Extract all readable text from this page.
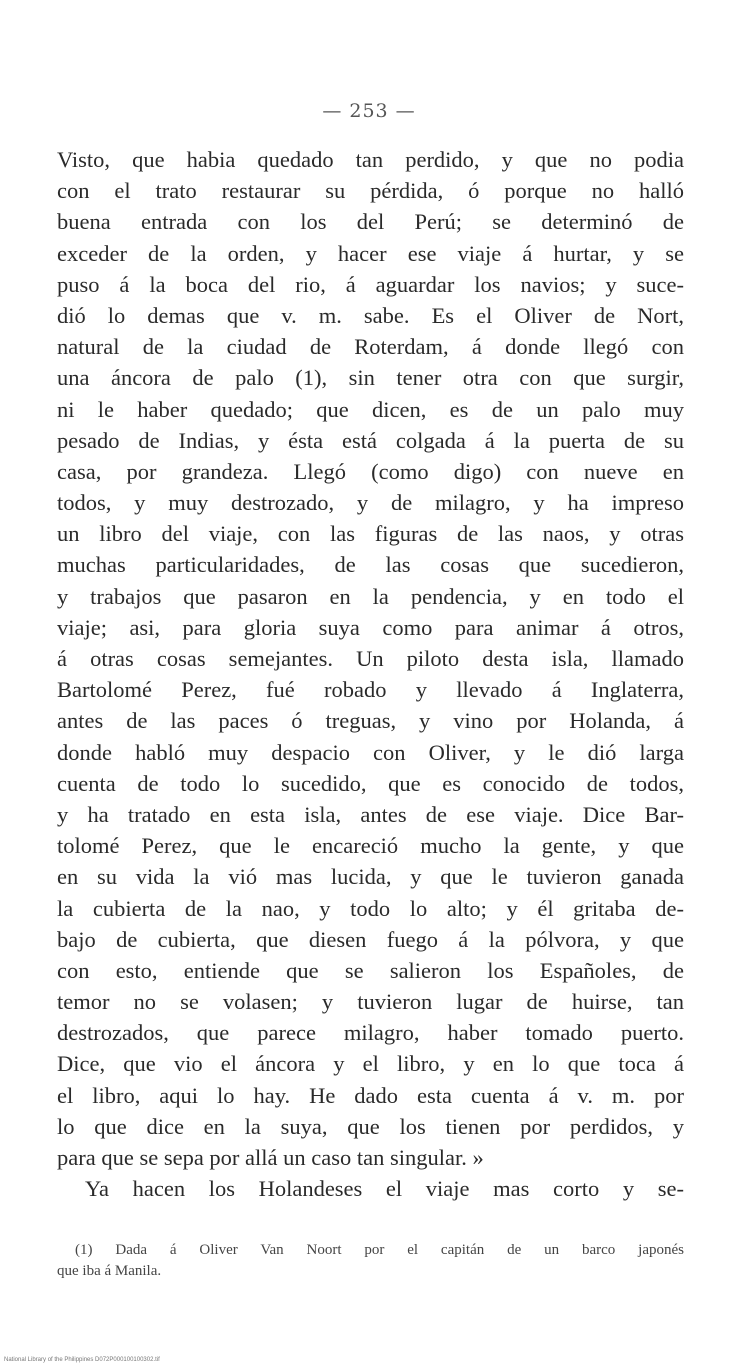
— 253 —
Visto, que habia quedado tan perdido, y que no podia
con el trato restaurar su pérdida, ó porque no halló
buena entrada con los del Perú; se determinó de
exceder de la orden, y hacer ese viaje á hurtar, y se
puso á la boca del rio, á aguardar los navios; y suce-
dió lo demas que v. m. sabe. Es el Oliver de Nort,
natural de la ciudad de Roterdam, á donde llegó con
una áncora de palo (1), sin tener otra con que surgir,
ni le haber quedado; que dicen, es de un palo muy
pesado de Indias, y ésta está colgada á la puerta de su
casa, por grandeza. Llegó (como digo) con nueve en
todos, y muy destrozado, y de milagro, y ha impreso
un libro del viaje, con las figuras de las naos, y otras
muchas particularidades, de las cosas que sucedieron,
y trabajos que pasaron en la pendencia, y en todo el
viaje; asi, para gloria suya como para animar á otros,
á otras cosas semejantes. Un piloto desta isla, llamado
Bartolomé Perez, fué robado y llevado á Inglaterra,
antes de las paces ó treguas, y vino por Holanda, á
donde habló muy despacio con Oliver, y le dió larga
cuenta de todo lo sucedido, que es conocido de todos,
y ha tratado en esta isla, antes de ese viaje. Dice Bar-
tolomé Perez, que le encareció mucho la gente, y que
en su vida la vió mas lucida, y que le tuvieron ganada
la cubierta de la nao, y todo lo alto; y él gritaba de-
bajo de cubierta, que diesen fuego á la pólvora, y que
con esto, entiende que se salieron los Españoles, de
temor no se volasen; y tuvieron lugar de huirse, tan
destrozados, que parece milagro, haber tomado puerto.
Dice, que vio el áncora y el libro, y en lo que toca á
el libro, aqui lo hay. He dado esta cuenta á v. m. por
lo que dice en la suya, que los tienen por perdidos, y
para que se sepa por allá un caso tan singular. »
Ya hacen los Holandeses el viaje mas corto y se-
(1) Dada á Oliver Van Noort por el capitán de un barco japonés
que iba á Manila.
National Library of the Philippines D072P000100100302.tif
